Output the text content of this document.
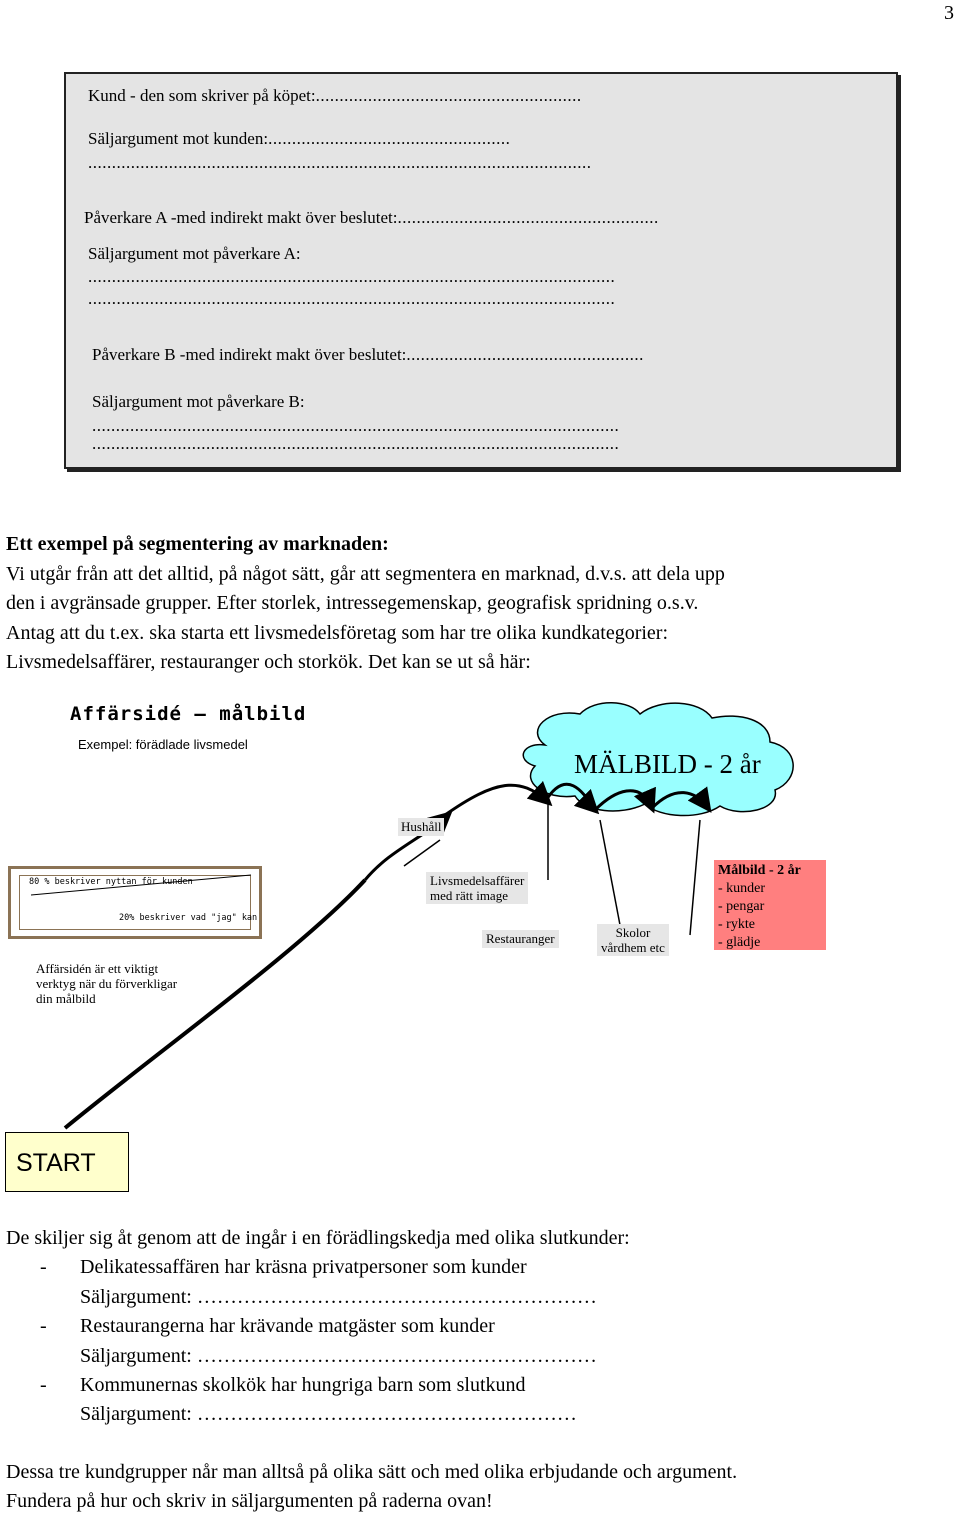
3
Kund - den som skriver på köpet:........................................................
Säljargument mot kunden:...................................................
..........................................................................................................
Påverkare A -med indirekt makt över beslutet:.......................................................
Säljargument mot påverkare A:
...............................................................................................................
...............................................................................................................
Påverkare B -med indirekt makt över beslutet:..................................................
Säljargument mot påverkare B:
...............................................................................................................
...............................................................................................................
Ett exempel på segmentering av marknaden:
Vi utgår från att det alltid, på något sätt, går att segmentera en marknad, d.v.s. att dela upp
den i avgränsade grupper. Efter storlek, intressegemenskap, geografisk spridning o.s.v.
Antag att du t.ex. ska starta ett livsmedelsföretag som har tre olika kundkategorier:
Livsmedelsaffärer, restauranger och storkök. Det kan se ut så här:
Affärsidé – målbild
Exempel: förädlade livsmedel
MÄLBILD - 2 år
Hushåll
Livsmedelsaffärer
med rätt image
Restauranger	Skolor
vårdhem etc
Målbild - 2 år
- kunder
- pengar
- rykte
- glädje
80 % beskriver nyttan för kunden
20% beskriver vad "jag" kan
Affärsidén är ett viktigt
verktyg när du förverkligar
din målbild
START
De skiljer sig åt genom att de ingår i en förädlingskedja med olika slutkunder:
- Delikatessaffären har kräsna privatpersoner som kunder
Säljargument: ……………………………………………………
- Restaurangerna har krävande matgäster som kunder
Säljargument: ……………………………………………………
- Kommunernas skolkök har hungriga barn som slutkund
Säljargument: …………………………………………………
Dessa tre kundgrupper når man alltså på olika sätt och med olika erbjudande och argument.
Fundera på hur och skriv in säljargumenten på raderna ovan!
